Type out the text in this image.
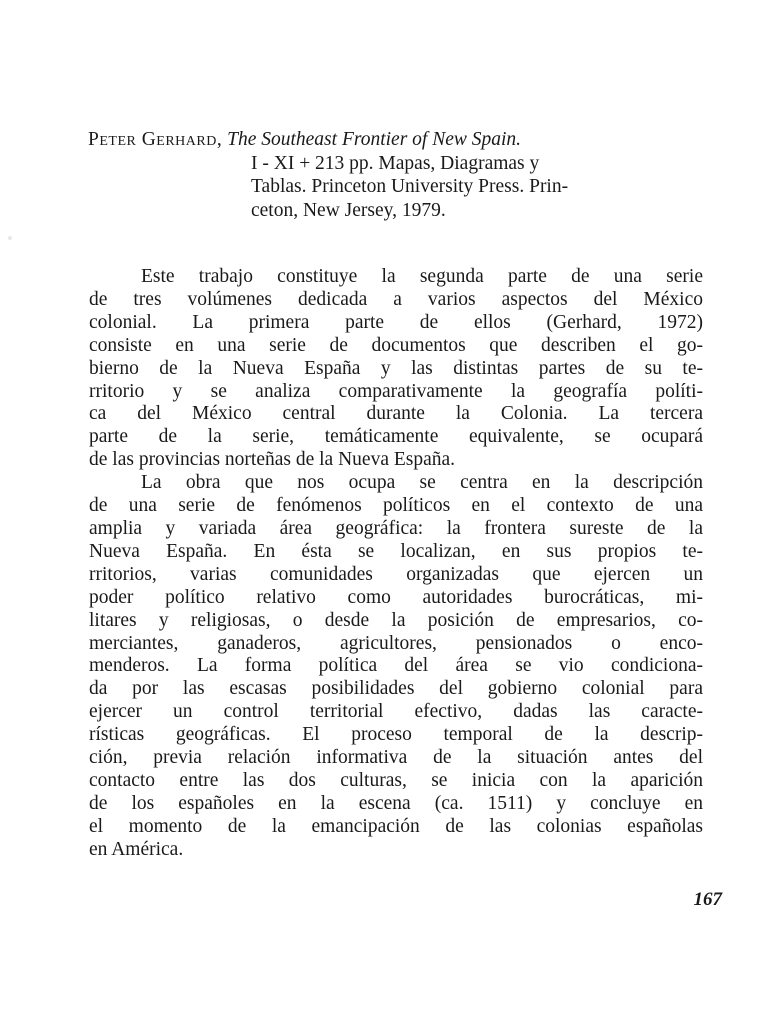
Peter Gerhard, The Southeast Frontier of New Spain.
I - XI + 213 pp. Mapas, Diagramas y
Tablas. Princeton University Press. Prin-
ceton, New Jersey, 1979.
Este trabajo constituye la segunda parte de una serie
de tres volúmenes dedicada a varios aspectos del México
colonial. La primera parte de ellos (Gerhard, 1972)
consiste en una serie de documentos que describen el go-
bierno de la Nueva España y las distintas partes de su te-
rritorio y se analiza comparativamente la geografía políti-
ca del México central durante la Colonia. La tercera
parte de la serie, temáticamente equivalente, se ocupará
de las provincias norteñas de la Nueva España.
La obra que nos ocupa se centra en la descripción
de una serie de fenómenos políticos en el contexto de una
amplia y variada área geográfica: la frontera sureste de la
Nueva España. En ésta se localizan, en sus propios te-
rritorios, varias comunidades organizadas que ejercen un
poder político relativo como autoridades burocráticas, mi-
litares y religiosas, o desde la posición de empresarios, co-
merciantes, ganaderos, agricultores, pensionados o enco-
menderos. La forma política del área se vio condiciona-
da por las escasas posibilidades del gobierno colonial para
ejercer un control territorial efectivo, dadas las caracte-
rísticas geográficas. El proceso temporal de la descrip-
ción, previa relación informativa de la situación antes del
contacto entre las dos culturas, se inicia con la aparición
de los españoles en la escena (ca. 1511) y concluye en
el momento de la emancipación de las colonias españolas
en América.
167
